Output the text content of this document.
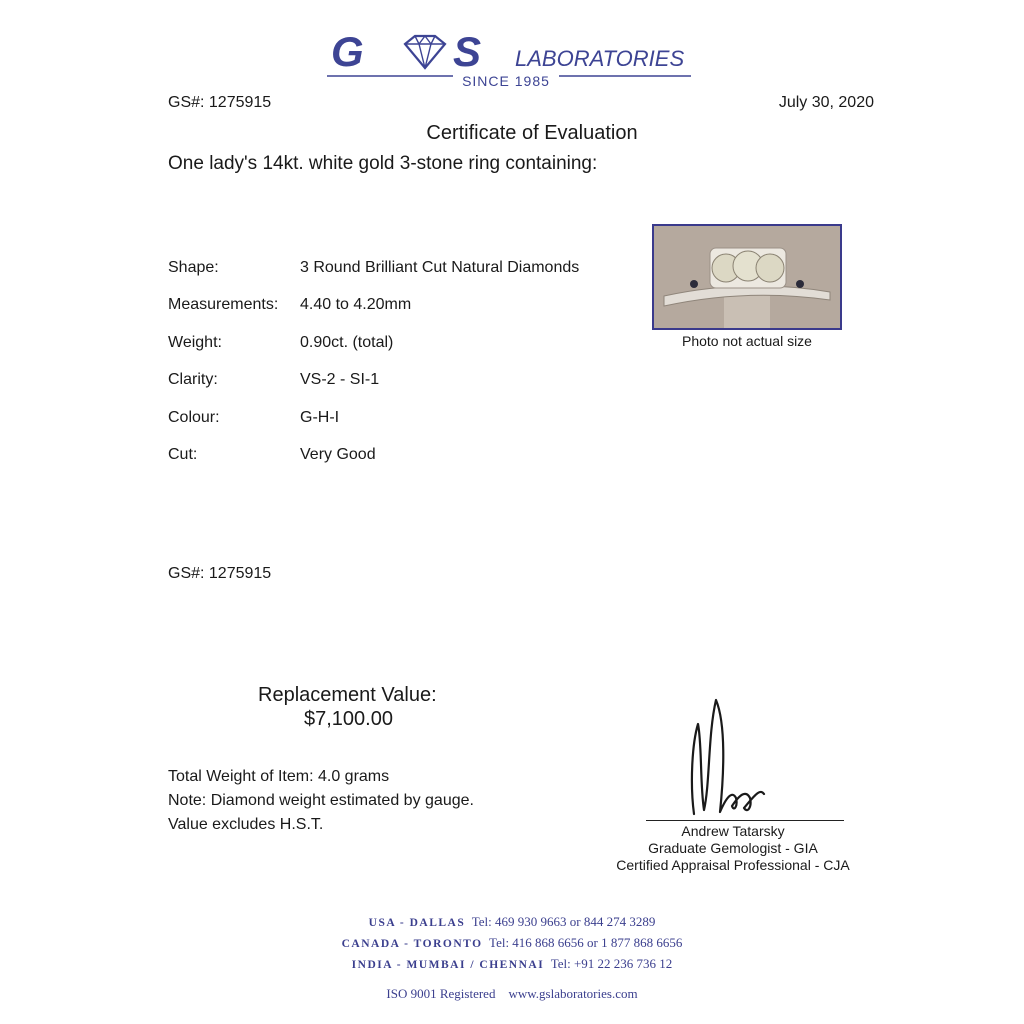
G S LABORATORIES
SINCE 1985
GS#: 1275915	July 30, 2020
Certificate of Evaluation
One lady's 14kt. white gold 3-stone ring containing:
Shape:	3 Round Brilliant Cut Natural Diamonds
Measurements: 4.40 to 4.20mm
Weight:	0.90ct. (total)
Clarity:	VS-2 - SI-1
Colour:	G-H-I
Cut:	Very Good
Photo not actual size
GS#: 1275915
Replacement Value:
$7,100.00
Total Weight of Item: 4.0 grams
Note: Diamond weight estimated by gauge.
Value excludes H.S.T.	Andrew Tatarsky
Graduate Gemologist - GIA
Certified Appraisal Professional - CJA
USA - DALLAS Tel: 469 930 9663 or 844 274 3289
CANADA - TORONTO Tel: 416 868 6656 or 1 877 868 6656
INDIA - MUMBAI / CHENNAI Tel: +91 22 236 736 12
ISO 9001 Registered www.gslaboratories.com
